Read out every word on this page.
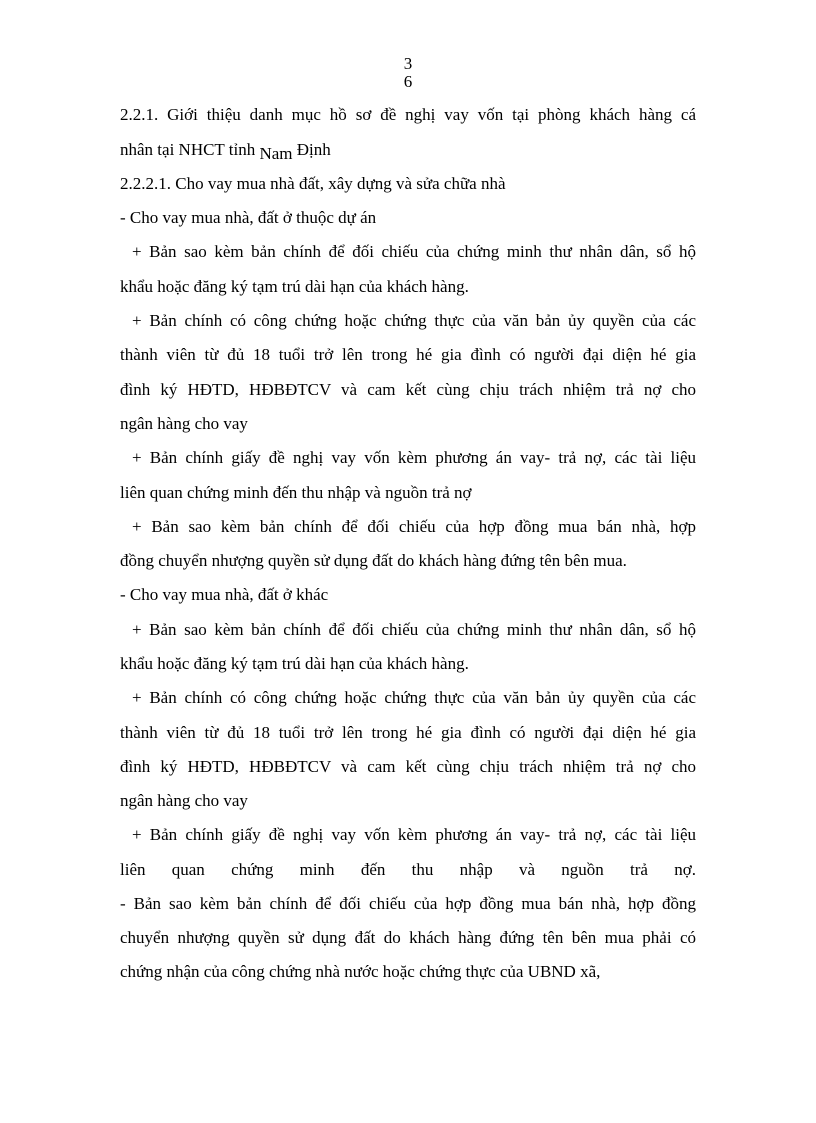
3
6
2.2.1. Giới thiệu danh mục hồ sơ đề nghị vay vốn tại phòng khách hàng cá
nhân tại NHCT tỉnh Nam Định
2.2.2.1. Cho vay mua nhà đất, xây dựng và sửa chữa nhà
- Cho vay mua nhà, đất ở thuộc dự án
+ Bản sao kèm bản chính để đối chiếu của chứng minh thư nhân dân, sổ hộ
khẩu hoặc đăng ký tạm trú dài hạn của khách hàng.
+ Bản chính có công chứng hoặc chứng thực của văn bản ủy quyền của các
thành viên từ đủ 18 tuổi trở lên trong hé gia đình có người đại diện hé gia
đình ký HĐTD, HĐBĐTCV và cam kết cùng chịu trách nhiệm trả nợ cho
ngân hàng cho vay
+ Bản chính giấy đề nghị vay vốn kèm phương án vay- trả nợ, các tài liệu
liên quan chứng minh đến thu nhập và nguồn trả nợ
+ Bản sao kèm bản chính để đối chiếu của hợp đồng mua bán nhà, hợp
đồng chuyển nhượng quyền sử dụng đất do khách hàng đứng tên bên mua.
- Cho vay mua nhà, đất ở khác
+ Bản sao kèm bản chính để đối chiếu của chứng minh thư nhân dân, sổ hộ
khẩu hoặc đăng ký tạm trú dài hạn của khách hàng.
+ Bản chính có công chứng hoặc chứng thực của văn bản ủy quyền của các
thành viên từ đủ 18 tuổi trở lên trong hé gia đình có người đại diện hé gia
đình ký HĐTD, HĐBĐTCV và cam kết cùng chịu trách nhiệm trả nợ cho
ngân hàng cho vay
+ Bản chính giấy đề nghị vay vốn kèm phương án vay- trả nợ, các tài liệu
liên quan chứng minh đến thu nhập và nguồn trả nợ.
- Bản sao kèm bản chính để đối chiếu của hợp đồng mua bán nhà, hợp đồng
chuyển nhượng quyền sử dụng đất do khách hàng đứng tên bên mua phải có
chứng nhận của công chứng nhà nước hoặc chứng thực của UBND xã,
